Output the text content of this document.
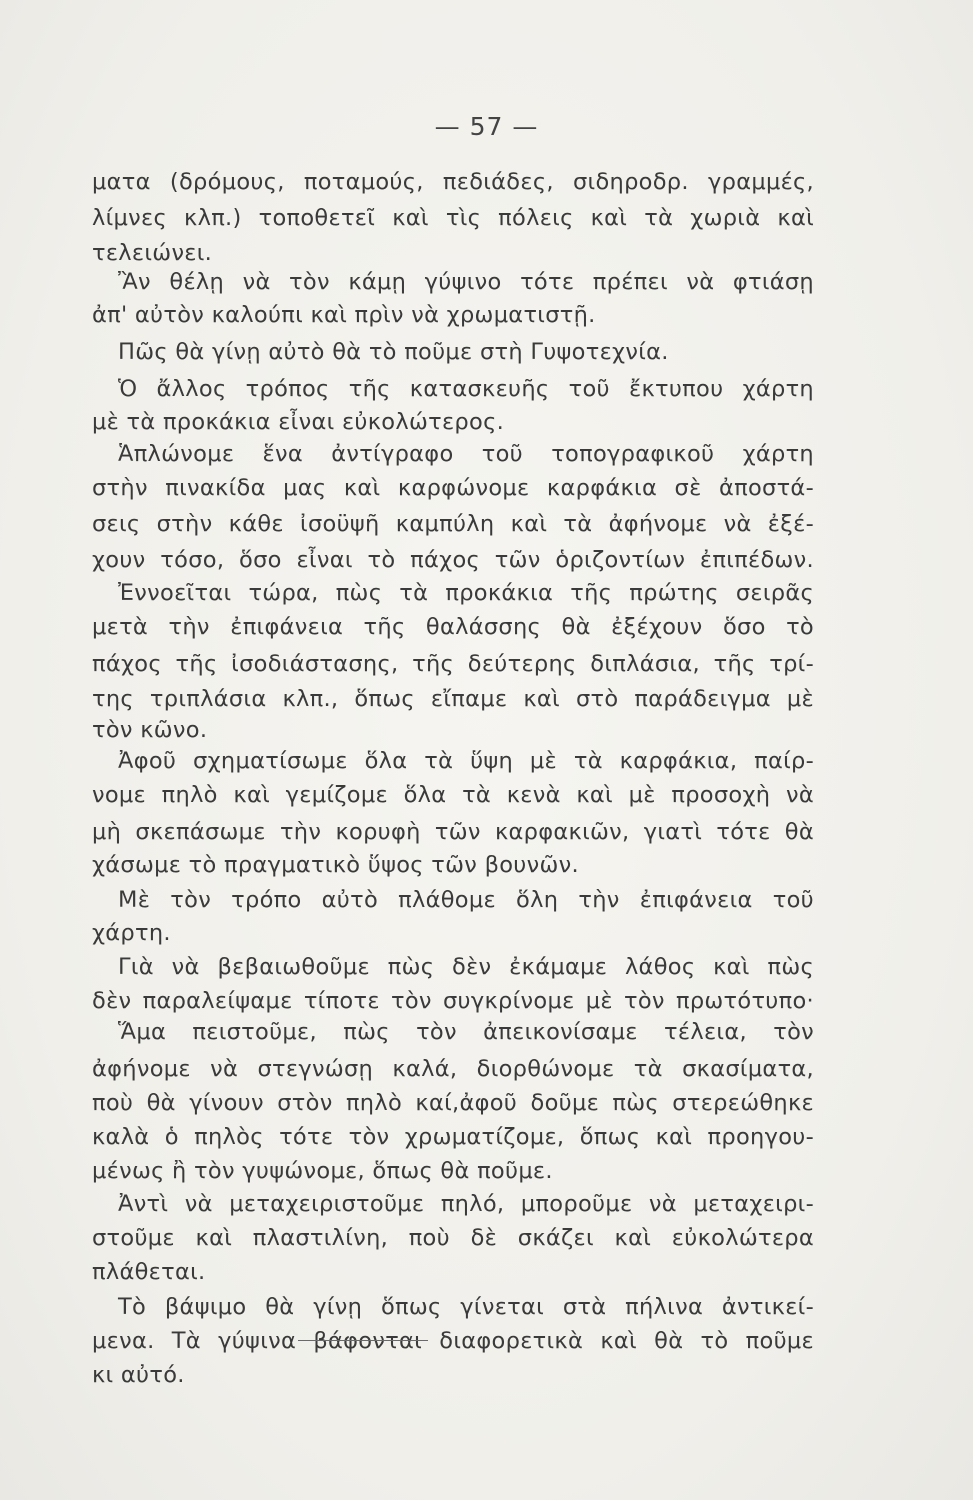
— 57 —
ματα (δρόμους, ποταμούς, πεδιάδες, σιδηροδρ. γραμμές,
λίμνες κλπ.) τοποθετεῖ καὶ τὶς πόλεις καὶ τὰ χωριὰ καὶ
τελειώνει.
Ἂν θέλῃ νὰ τὸν κάμῃ γύψινο τότε πρέπει νὰ φτιάσῃ
ἀπ' αὐτὸν καλούπι καὶ πρὶν νὰ χρωματιστῇ.
Πῶς θὰ γίνῃ αὐτὸ θὰ τὸ ποῦμε στὴ Γυψοτεχνία.
Ὁ ἄλλος τρόπος τῆς κατασκευῆς τοῦ ἔκτυπου χάρτη
μὲ τὰ προκάκια εἶναι εὐκολώτερος.
Ἁπλώνομε ἕνα ἀντίγραφο τοῦ τοπογραφικοῦ χάρτη
στὴν πινακίδα μας καὶ καρφώνομε καρφάκια σὲ ἀποστά-
σεις στὴν κάθε ἰσοϋψῆ καμπύλη καὶ τὰ ἀφήνομε νὰ ἐξέ-
χουν τόσο, ὅσο εἶναι τὸ πάχος τῶν ὁριζοντίων ἐπιπέδων.
Ἐννοεῖται τώρα, πὼς τὰ προκάκια τῆς πρώτης σειρᾶς
μετὰ τὴν ἐπιφάνεια τῆς θαλάσσης θὰ ἐξέχουν ὅσο τὸ
πάχος τῆς ἰσοδιάστασης, τῆς δεύτερης διπλάσια, τῆς τρί-
της τριπλάσια κλπ., ὅπως εἴπαμε καὶ στὸ παράδειγμα μὲ
τὸν κῶνο.
Ἀφοῦ σχηματίσωμε ὅλα τὰ ὕψη μὲ τὰ καρφάκια, παίρ-
νομε πηλὸ καὶ γεμίζομε ὅλα τὰ κενὰ καὶ μὲ προσοχὴ νὰ
μὴ σκεπάσωμε τὴν κορυφὴ τῶν καρφακιῶν, γιατὶ τότε θὰ
χάσωμε τὸ πραγματικὸ ὕψος τῶν βουνῶν.
Μὲ τὸν τρόπο αὐτὸ πλάθομε ὅλη τὴν ἐπιφάνεια τοῦ
χάρτη.
Γιὰ νὰ βεβαιωθοῦμε πὼς δὲν ἐκάμαμε λάθος καὶ πὼς
δὲν παραλείψαμε τίποτε τὸν συγκρίνομε μὲ τὸν πρωτότυπο·
Ἅμα πειστοῦμε, πὼς τὸν ἀπεικονίσαμε τέλεια, τὸν
ἀφήνομε νὰ στεγνώσῃ καλά, διορθώνομε τὰ σκασίματα,
ποὺ θὰ γίνουν στὸν πηλὸ καί,ἀφοῦ δοῦμε πὼς στερεώθηκε
καλὰ ὁ πηλὸς τότε τὸν χρωματίζομε, ὅπως καὶ προηγου-
μένως ἢ τὸν γυψώνομε, ὅπως θὰ ποῦμε.
Ἀντὶ νὰ μεταχειριστοῦμε πηλό, μποροῦμε νὰ μεταχειρι-
στοῦμε καὶ πλαστιλίνη, ποὺ δὲ σκάζει καὶ εὐκολώτερα
πλάθεται.
Τὸ βάψιμο θὰ γίνῃ ὅπως γίνεται στὰ πήλινα ἀντικεί-
μενα. Τὰ γύψινα βάφονται διαφορετικὰ καὶ θὰ τὸ ποῦμε
κι αὐτό.
